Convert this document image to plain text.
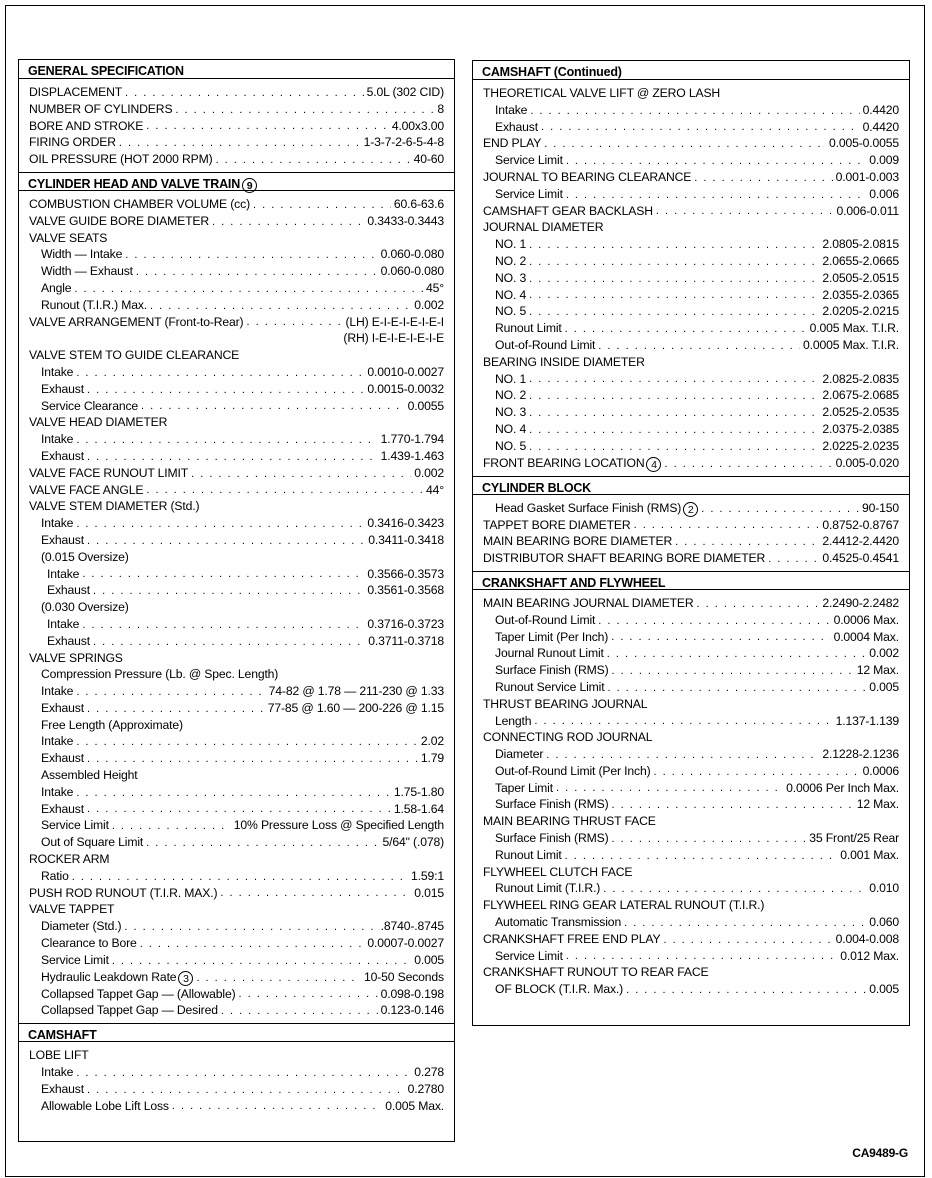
GENERAL SPECIFICATION
DISPLACEMENT . . .	5.0L (302 CID)
NUMBER OF CYLINDERS . . .	8
BORE AND STROKE . . .	4.00x3.00
FIRING ORDER . . .	1-3-7-2-6-5-4-8
OIL PRESSURE (HOT 2000 RPM) . . .	40-60
CYLINDER HEAD AND VALVE TRAIN 9
COMBUSTION CHAMBER VOLUME (cc) . . .	60.6-63.6
VALVE GUIDE BORE DIAMETER . . .	0.3433-0.3443
VALVE SEATS
Width — Intake . . .	0.060-0.080
Width — Exhaust . . .	0.060-0.080
Angle . . .	45°
Runout (T.I.R.) Max. . . .	0.002
VALVE ARRANGEMENT (Front-to-Rear) . . .	(LH) E-I-E-I-E-I-E-I
(RH) I-E-I-E-I-E-I-E
VALVE STEM TO GUIDE CLEARANCE
Intake . . .	0.0010-0.0027
Exhaust . . .	0.0015-0.0032
Service Clearance . . .	0.0055
VALVE HEAD DIAMETER
Intake . . .	1.770-1.794
Exhaust . . .	1.439-1.463
VALVE FACE RUNOUT LIMIT . . .	0.002
VALVE FACE ANGLE . . .	44°
VALVE STEM DIAMETER (Std.)
Intake . . .	0.3416-0.3423
Exhaust . . .	0.3411-0.3418
(0.015 Oversize)
Intake . . .	0.3566-0.3573
Exhaust . . .	0.3561-0.3568
(0.030 Oversize)
Intake . . .	0.3716-0.3723
Exhaust . . .	0.3711-0.3718
VALVE SPRINGS
Compression Pressure (Lb. @ Spec. Length)
Intake . . .	74-82 @ 1.78 — 211-230 @ 1.33
Exhaust . . .	77-85 @ 1.60 — 200-226 @ 1.15
Free Length (Approximate)
Intake . . .	2.02
Exhaust . . .	1.79
Assembled Height
Intake . . .	1.75-1.80
Exhaust . . .	1.58-1.64
Service Limit . . .	10% Pressure Loss @ Specified Length
Out of Square Limit . . .	5/64" (.078)
ROCKER ARM
Ratio . . .	1.59:1
PUSH ROD RUNOUT (T.I.R. MAX.) . . .	0.015
VALVE TAPPET
Diameter (Std.) . . .	.8740-.8745
Clearance to Bore . . .	0.0007-0.0027
Service Limit . . .	0.005
Hydraulic Leakdown Rate 3 . . .	10-50 Seconds
Collapsed Tappet Gap — (Allowable) . . .	0.098-0.198
Collapsed Tappet Gap — Desired . . .	0.123-0.146
CAMSHAFT
LOBE LIFT
Intake . . .	0.278
Exhaust . . .	0.2780
Allowable Lobe Lift Loss . . .	0.005 Max.
CAMSHAFT (Continued)
THEORETICAL VALVE LIFT @ ZERO LASH
Intake . . .	0.4420
Exhaust . . .	0.4420
END PLAY . . .	0.005-0.0055
Service Limit . . .	0.009
JOURNAL TO BEARING CLEARANCE . . .	0.001-0.003
Service Limit . . .	0.006
CAMSHAFT GEAR BACKLASH . . .	0.006-0.011
JOURNAL DIAMETER
NO. 1 . . .	2.0805-2.0815
NO. 2 . . .	2.0655-2.0665
NO. 3 . . .	2.0505-2.0515
NO. 4 . . .	2.0355-2.0365
NO. 5 . . .	2.0205-2.0215
Runout Limit . . .	0.005 Max. T.I.R.
Out-of-Round Limit . . .	0.0005 Max. T.I.R.
BEARING INSIDE DIAMETER
NO. 1 . . .	2.0825-2.0835
NO. 2 . . .	2.0675-2.0685
NO. 3 . . .	2.0525-2.0535
NO. 4 . . .	2.0375-2.0385
NO. 5 . . .	2.0225-2.0235
FRONT BEARING LOCATION 4 . . .	0.005-0.020
CYLINDER BLOCK
Head Gasket Surface Finish (RMS) 2 . . .	90-150
TAPPET BORE DIAMETER . . .	0.8752-0.8767
MAIN BEARING BORE DIAMETER . . .	2.4412-2.4420
DISTRIBUTOR SHAFT BEARING BORE DIAMETER . . .	0.4525-0.4541
CRANKSHAFT AND FLYWHEEL
MAIN BEARING JOURNAL DIAMETER . . .	2.2490-2.2482
Out-of-Round Limit . . .	0.0006 Max.
Taper Limit (Per Inch) . . .	0.0004 Max.
Journal Runout Limit . . .	0.002
Surface Finish (RMS) . . .	12 Max.
Runout Service Limit . . .	0.005
THRUST BEARING JOURNAL
Length . . .	1.137-1.139
CONNECTING ROD JOURNAL
Diameter . . .	2.1228-2.1236
Out-of-Round Limit (Per Inch) . . .	0.0006
Taper Limit . . .	0.0006 Per Inch Max.
Surface Finish (RMS) . . .	12 Max.
MAIN BEARING THRUST FACE
Surface Finish (RMS) . . .	35 Front/25 Rear
Runout Limit . . .	0.001 Max.
FLYWHEEL CLUTCH FACE
Runout Limit (T.I.R.) . . .	0.010
FLYWHEEL RING GEAR LATERAL RUNOUT (T.I.R.)
Automatic Transmission . . .	0.060
CRANKSHAFT FREE END PLAY . . .	0.004-0.008
Service Limit . . .	0.012 Max.
CRANKSHAFT RUNOUT TO REAR FACE
OF BLOCK (T.I.R. Max.) . . .	0.005
CA9489-G
